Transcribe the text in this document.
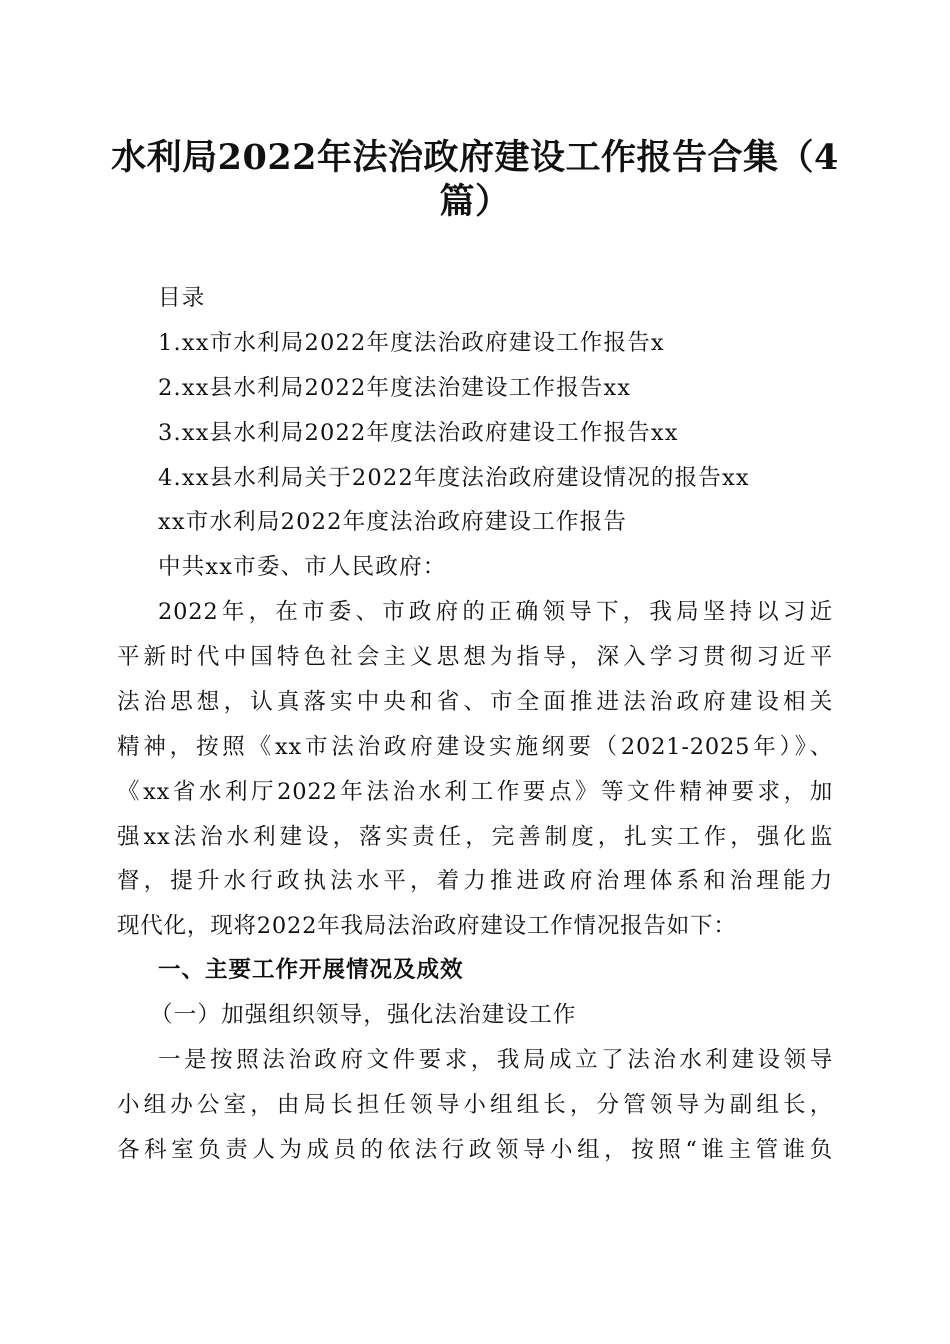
水利局2022年法治政府建设工作报告合集（4
篇）
目录
1.xx市水利局2022年度法治政府建设工作报告x
2.xx县水利局2022年度法治建设工作报告xx
3.xx县水利局2022年度法治政府建设工作报告xx
4.xx县水利局关于2022年度法治政府建设情况的报告xx
xx市水利局2022年度法治政府建设工作报告
中共xx市委、市人民政府：
2022年，在市委、市政府的正确领导下，我局坚持以习近
平新时代中国特色社会主义思想为指导，深入学习贯彻习近平
法治思想，认真落实中央和省、市全面推进法治政府建设相关
精神，按照《xx市法治政府建设实施纲要（2021-2025年）》、
《xx省水利厅2022年法治水利工作要点》等文件精神要求，加
强xx法治水利建设，落实责任，完善制度，扎实工作，强化监
督，提升水行政执法水平，着力推进政府治理体系和治理能力
现代化，现将2022年我局法治政府建设工作情况报告如下：
一、主要工作开展情况及成效
（一）加强组织领导，强化法治建设工作
一是按照法治政府文件要求，我局成立了法治水利建设领导
小组办公室，由局长担任领导小组组长，分管领导为副组长，
各科室负责人为成员的依法行政领导小组，按照“谁主管谁负
